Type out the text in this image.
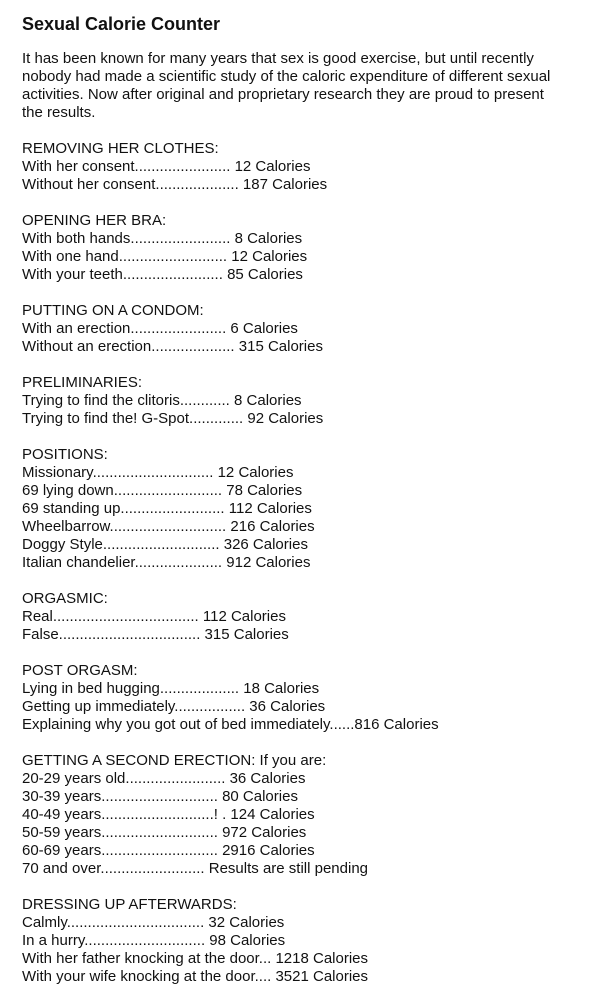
Sexual Calorie Counter
It has been known for many years that sex is good exercise, but until recently
nobody had made a scientific study of the caloric expenditure of different sexual
activities. Now after original and proprietary research they are proud to present
the results.
REMOVING HER CLOTHES:
With her consent....................... 12 Calories
Without her consent.................... 187 Calories
OPENING HER BRA:
With both hands........................ 8 Calories
With one hand.......................... 12 Calories
With your teeth........................ 85 Calories
PUTTING ON A CONDOM:
With an erection....................... 6 Calories
Without an erection.................... 315 Calories
PRELIMINARIES:
Trying to find the clitoris............ 8 Calories
Trying to find the! G-Spot............. 92 Calories
POSITIONS:
Missionary............................. 12 Calories
69 lying down.......................... 78 Calories
69 standing up......................... 112 Calories
Wheelbarrow............................ 216 Calories
Doggy Style............................ 326 Calories
Italian chandelier..................... 912 Calories
ORGASMIC:
Real................................... 112 Calories
False.................................. 315 Calories
POST ORGASM:
Lying in bed hugging................... 18 Calories
Getting up immediately................. 36 Calories
Explaining why you got out of bed immediately......816 Calories
GETTING A SECOND ERECTION: If you are:
20-29 years old........................ 36 Calories
30-39 years............................ 80 Calories
40-49 years...........................! . 124 Calories
50-59 years............................ 972 Calories
60-69 years............................ 2916 Calories
70 and over......................... Results are still pending
DRESSING UP AFTERWARDS:
Calmly................................. 32 Calories
In a hurry............................. 98 Calories
With her father knocking at the door... 1218 Calories
With your wife knocking at the door.... 3521 Calories
